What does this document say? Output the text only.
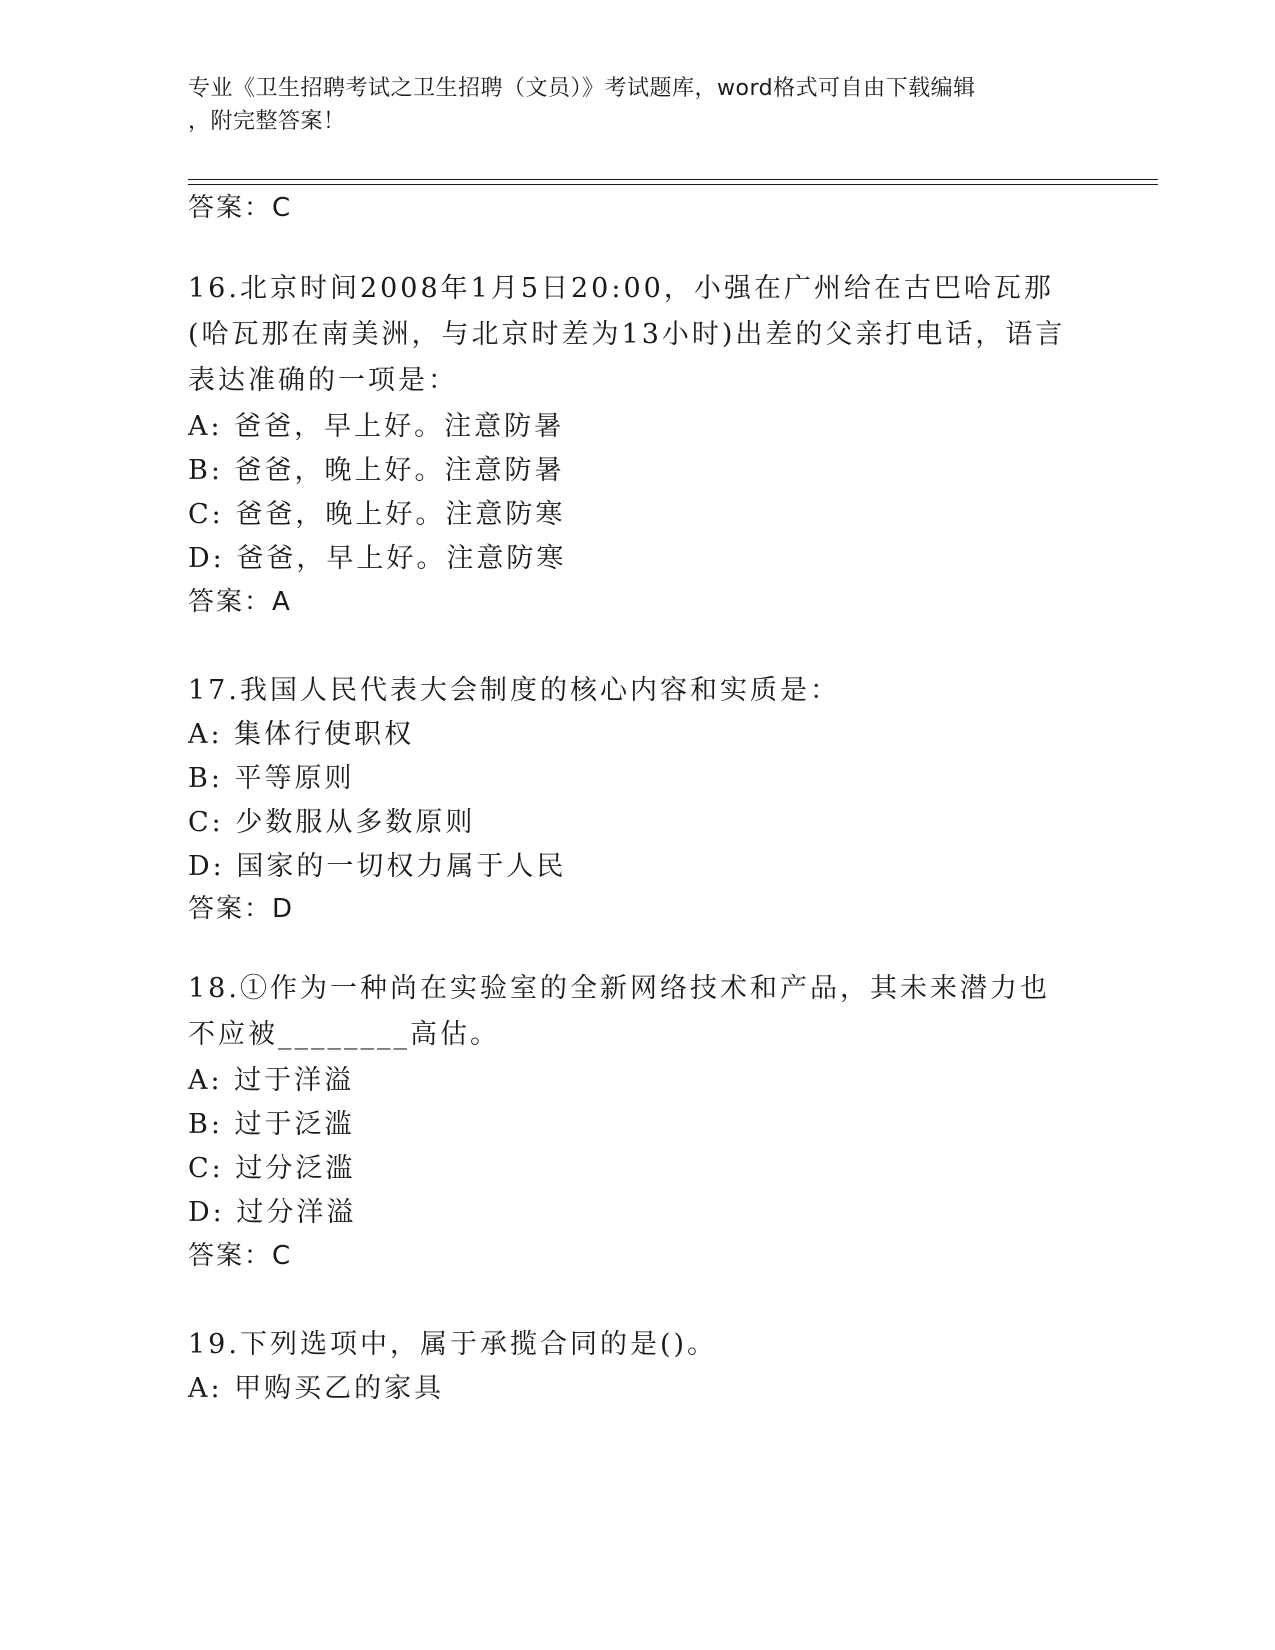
专业《卫生招聘考试之卫生招聘（文员）》考试题库，word格式可自由下载编辑
，附完整答案！
答案：C
16.北京时间2008年1月5日20:00，小强在广州给在古巴哈瓦那(哈瓦那在南美洲，与北京时差为13小时)出差的父亲打电话，语言表达准确的一项是：
A: 爸爸，早上好。注意防暑
B: 爸爸，晚上好。注意防暑
C: 爸爸，晚上好。注意防寒
D: 爸爸，早上好。注意防寒
答案：A
17.我国人民代表大会制度的核心内容和实质是：
A: 集体行使职权
B: 平等原则
C: 少数服从多数原则
D: 国家的一切权力属于人民
答案：D
18.①作为一种尚在实验室的全新网络技术和产品，其未来潜力也不应被________高估。
A: 过于洋溢
B: 过于泛滥
C: 过分泛滥
D: 过分洋溢
答案：C
19.下列选项中，属于承揽合同的是()。
A: 甲购买乙的家具
